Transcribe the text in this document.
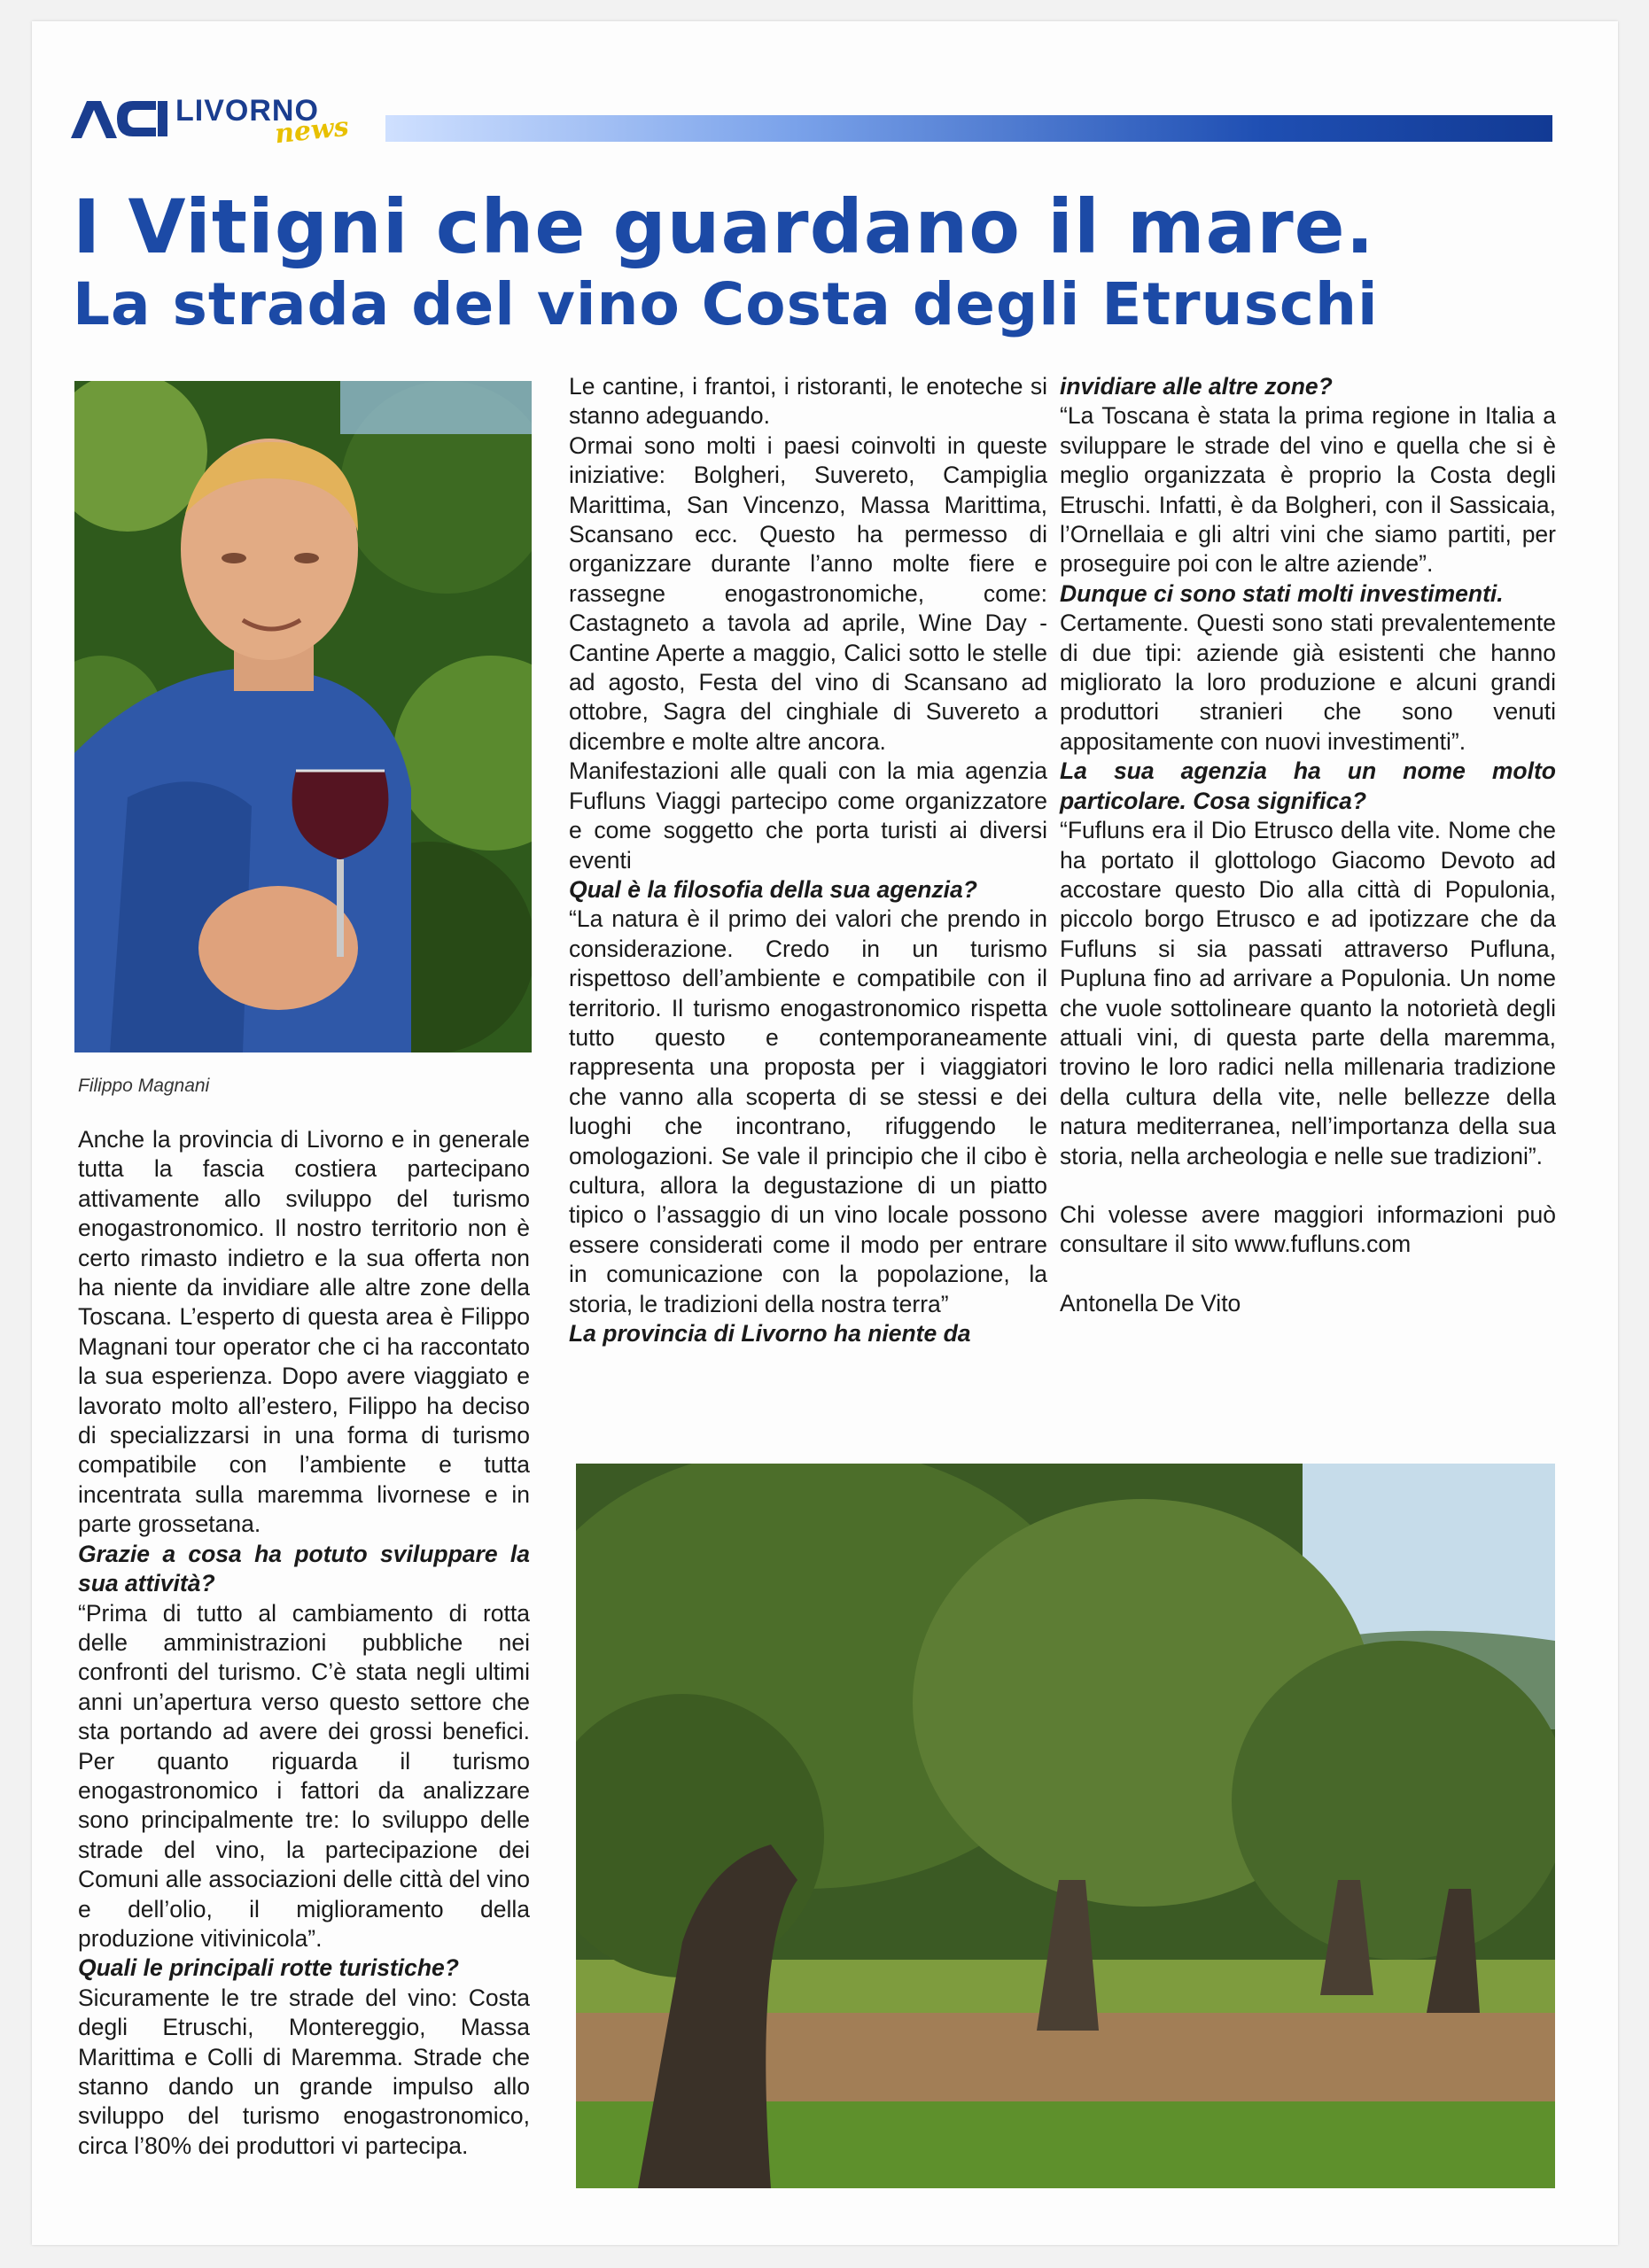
LIVORNO
news
I Vitigni che guardano il mare.
La strada del vino Costa degli Etruschi
Filippo Magnani

Anche la provincia di Livorno e in generale tutta la fascia costiera partecipano attivamente allo sviluppo del turismo enogastronomico. Il nostro territorio non è certo rimasto indietro e la sua offerta non ha niente da invidiare alle altre zone della Toscana. L’esperto di questa area è Filippo Magnani tour operator che ci ha raccontato la sua esperienza. Dopo avere viaggiato e lavorato molto all’estero, Filippo ha deciso di specializzarsi in una forma di turismo compatibile con l’ambiente e tutta incentrata sulla maremma livornese e in parte grossetana.

Grazie a cosa ha potuto sviluppare la sua attività?

“Prima di tutto al cambiamento di rotta delle amministrazioni pubbliche nei confronti del turismo. C’è stata negli ultimi anni un’apertura verso questo settore che sta portando ad avere dei grossi benefici. Per quanto riguarda il turismo enogastronomico i fattori da analizzare sono principalmente tre: lo sviluppo delle strade del vino, la partecipazione dei Comuni alle associazioni delle città del vino e dell’olio, il miglioramento della produzione vitivinicola”.

Quali le principali rotte turistiche?

Sicuramente le tre strade del vino: Costa degli Etruschi, Montereggio, Massa Marittima e Colli di Maremma. Strade che stanno dando un grande impulso allo sviluppo del turismo enogastronomico, circa l’80% dei produttori vi partecipa.

Le cantine, i frantoi, i ristoranti, le enoteche si stanno adeguando.

Ormai sono molti i paesi coinvolti in queste iniziative: Bolgheri, Suvereto, Campiglia Marittima, San Vincenzo, Massa Marittima, Scansano ecc. Questo ha permesso di organizzare durante l’anno molte fiere e rassegne enogastronomiche, come: Castagneto a tavola ad aprile, Wine Day - Cantine Aperte a maggio, Calici sotto le stelle ad agosto, Festa del vino di Scansano ad ottobre, Sagra del cinghiale di Suvereto a dicembre e molte altre ancora.

Manifestazioni alle quali con la mia agenzia Fufluns Viaggi partecipo come organizzatore e come soggetto che porta turisti ai diversi eventi

Qual è la filosofia della sua agenzia?

“La natura è il primo dei valori che prendo in considerazione. Credo in un turismo rispettoso dell’ambiente e compatibile con il territorio. Il turismo enogastronomico rispetta tutto questo e contemporaneamente rappresenta una proposta per i viaggiatori che vanno alla scoperta di se stessi e dei luoghi che incontrano, rifuggendo le omologazioni. Se vale il principio che il cibo è cultura, allora la degustazione di un piatto tipico o l’assaggio di un vino locale possono essere considerati come il modo per entrare in comunicazione con la popolazione, la storia, le tradizioni della nostra terra”

La provincia di Livorno ha niente da

invidiare alle altre zone?

“La Toscana è stata la prima regione in Italia a sviluppare le strade del vino e quella che si è meglio organizzata è proprio la Costa degli Etruschi. Infatti, è da Bolgheri, con il Sassicaia, l’Ornellaia e gli altri vini che siamo partiti, per proseguire poi con le altre aziende”.

Dunque ci sono stati molti investimenti.

Certamente. Questi sono stati prevalentemente di due tipi: aziende già esistenti che hanno migliorato la loro produzione e alcuni grandi produttori stranieri che sono venuti appositamente con nuovi investimenti”.

La sua agenzia ha un nome molto particolare. Cosa significa?

“Fufluns era il Dio Etrusco della vite. Nome che ha portato il glottologo Giacomo Devoto ad accostare questo Dio alla città di Populonia, piccolo borgo Etrusco e ad ipotizzare che da Fufluns si sia passati attraverso Pufluna, Pupluna fino ad arrivare a Populonia. Un nome che vuole sottolineare quanto la notorietà degli attuali vini, di questa parte della maremma, trovino le loro radici nella millenaria tradizione della cultura della vite, nelle bellezze della natura mediterranea, nell’importanza della sua storia, nella archeologia e nelle sue tradizioni”.

Chi volesse avere maggiori informazioni può consultare il sito www.fufluns.com

Antonella De Vito
